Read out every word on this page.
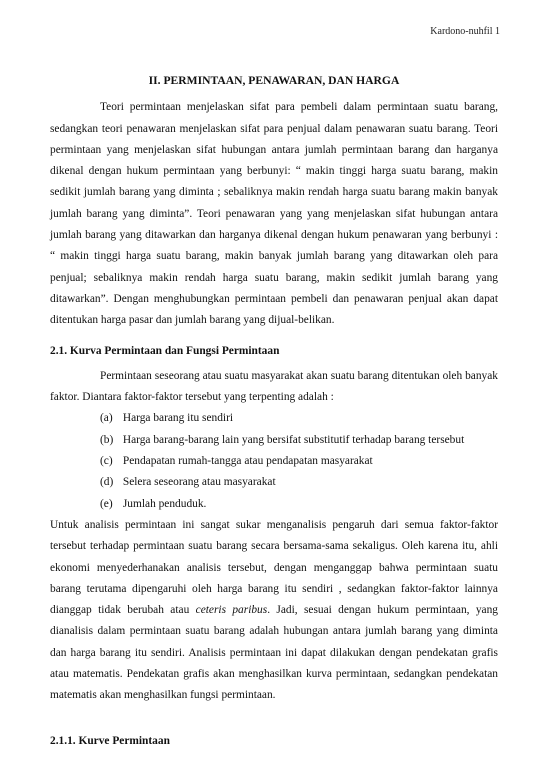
Kardono-nuhfil 1
II. PERMINTAAN, PENAWARAN, DAN HARGA

Teori permintaan menjelaskan sifat para pembeli dalam permintaan suatu barang, sedangkan teori penawaran menjelaskan sifat para penjual dalam penawaran suatu barang. Teori permintaan yang menjelaskan sifat hubungan antara jumlah permintaan barang dan harganya dikenal dengan hukum permintaan yang berbunyi: “ makin tinggi harga suatu barang, makin sedikit jumlah barang yang diminta ; sebaliknya makin rendah harga suatu barang makin banyak jumlah barang yang diminta”. Teori penawaran yang yang menjelaskan sifat hubungan antara jumlah barang yang ditawarkan dan harganya dikenal dengan hukum penawaran yang berbunyi : “ makin tinggi harga suatu barang, makin banyak jumlah barang yang ditawarkan oleh para penjual; sebaliknya makin rendah harga suatu barang, makin sedikit jumlah barang yang ditawarkan”. Dengan menghubungkan permintaan pembeli dan penawaran penjual akan dapat ditentukan harga pasar dan jumlah barang yang dijual-belikan.

2.1. Kurva Permintaan dan Fungsi Permintaan

Permintaan seseorang atau suatu masyarakat akan suatu barang ditentukan oleh banyak faktor. Diantara faktor-faktor tersebut yang terpenting adalah :

(a) Harga barang itu sendiri
(b) Harga barang-barang lain yang bersifat substitutif terhadap barang tersebut
(c) Pendapatan rumah-tangga atau pendapatan masyarakat
(d) Selera seseorang atau masyarakat
(e) Jumlah penduduk.

Untuk analisis permintaan ini sangat sukar menganalisis pengaruh dari semua faktor-faktor tersebut terhadap permintaan suatu barang secara bersama-sama sekaligus. Oleh karena itu, ahli ekonomi menyederhanakan analisis tersebut, dengan menganggap bahwa permintaan suatu barang terutama dipengaruhi oleh harga barang itu sendiri , sedangkan faktor-faktor lainnya dianggap tidak berubah atau ceteris paribus. Jadi, sesuai dengan hukum permintaan, yang dianalisis dalam permintaan suatu barang adalah hubungan antara jumlah barang yang diminta dan harga barang itu sendiri. Analisis permintaan ini dapat dilakukan dengan pendekatan grafis atau matematis. Pendekatan grafis akan menghasilkan kurva permintaan, sedangkan pendekatan matematis akan menghasilkan fungsi permintaan.

2.1.1. Kurve Permintaan
